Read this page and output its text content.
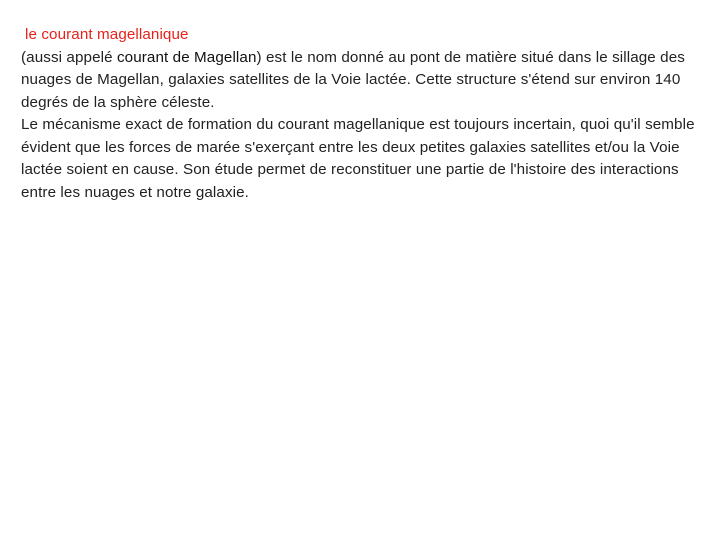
le courant magellanique
(aussi appelé courant de Magellan) est le nom donné au pont de matière situé dans le sillage des nuages de Magellan, galaxies satellites de la Voie lactée. Cette structure s'étend sur environ 140 degrés de la sphère céleste.
Le mécanisme exact de formation du courant magellanique est toujours incertain, quoi qu'il semble évident que les forces de marée s'exerçant entre les deux petites galaxies satellites et/ou la Voie lactée soient en cause. Son étude permet de reconstituer une partie de l'histoire des interactions entre les nuages et notre galaxie.
